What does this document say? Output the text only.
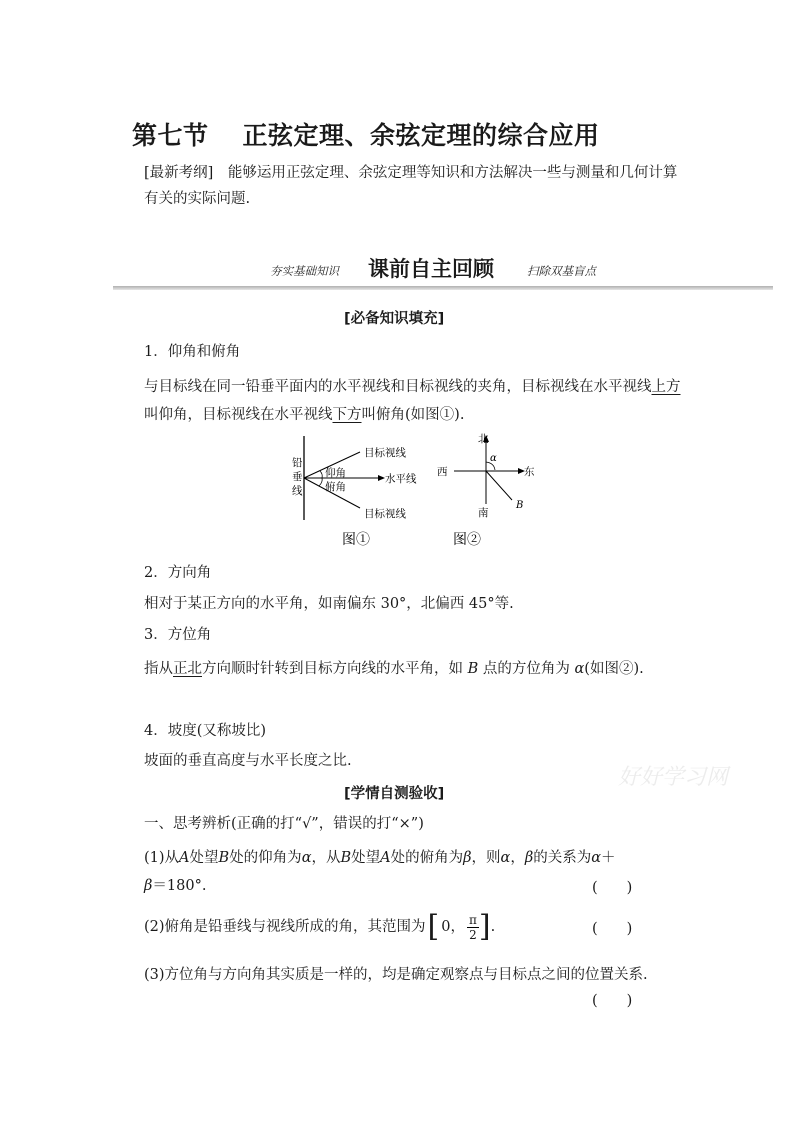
第七节 正弦定理、余弦定理的综合应用
[最新考纲]　 能够运用正弦定理、余弦定理等知识和方法解决一些与测量和几何计算有关的实际问题.
夯实基础知识 课前自主回顾	扫除双基盲点
[必备知识填充]
1．仰角和俯角
与目标线在同一铅垂平面内的水平视线和目标视线的夹角，目标视线在水平视线上方叫仰角，目标视线在水平视线下方叫俯角(如图①).
铅
垂
线
目标视线
仰角	水平线
俯角
目标视线
北
南
西	东
α
B
图①	图②
2．方向角
相对于某正方向的水平角，如南偏东 30°，北偏西 45°等.
3．方位角
指从正北方向顺时针转到目标方向线的水平角，如 B 点的方位角为 α(如图②).
4．坡度(又称坡比)
坡面的垂直高度与水平长度之比.
好好学习网
[学情自测验收]
一、思考辨析(正确的打“√”，错误的打“×”)
(1)从A处望B处的仰角为α，从B处望A处的俯角为β，则α，β的关系为α＋
β＝180°.	(　　)
(2)俯角是铅垂线与视线所成的角，其范围为 [ 0， $\frac{\pi}{2}$ ] .	(　　)
(3)方位角与方向角其实质是一样的，均是确定观察点与目标点之间的位置关系.
(　　)
